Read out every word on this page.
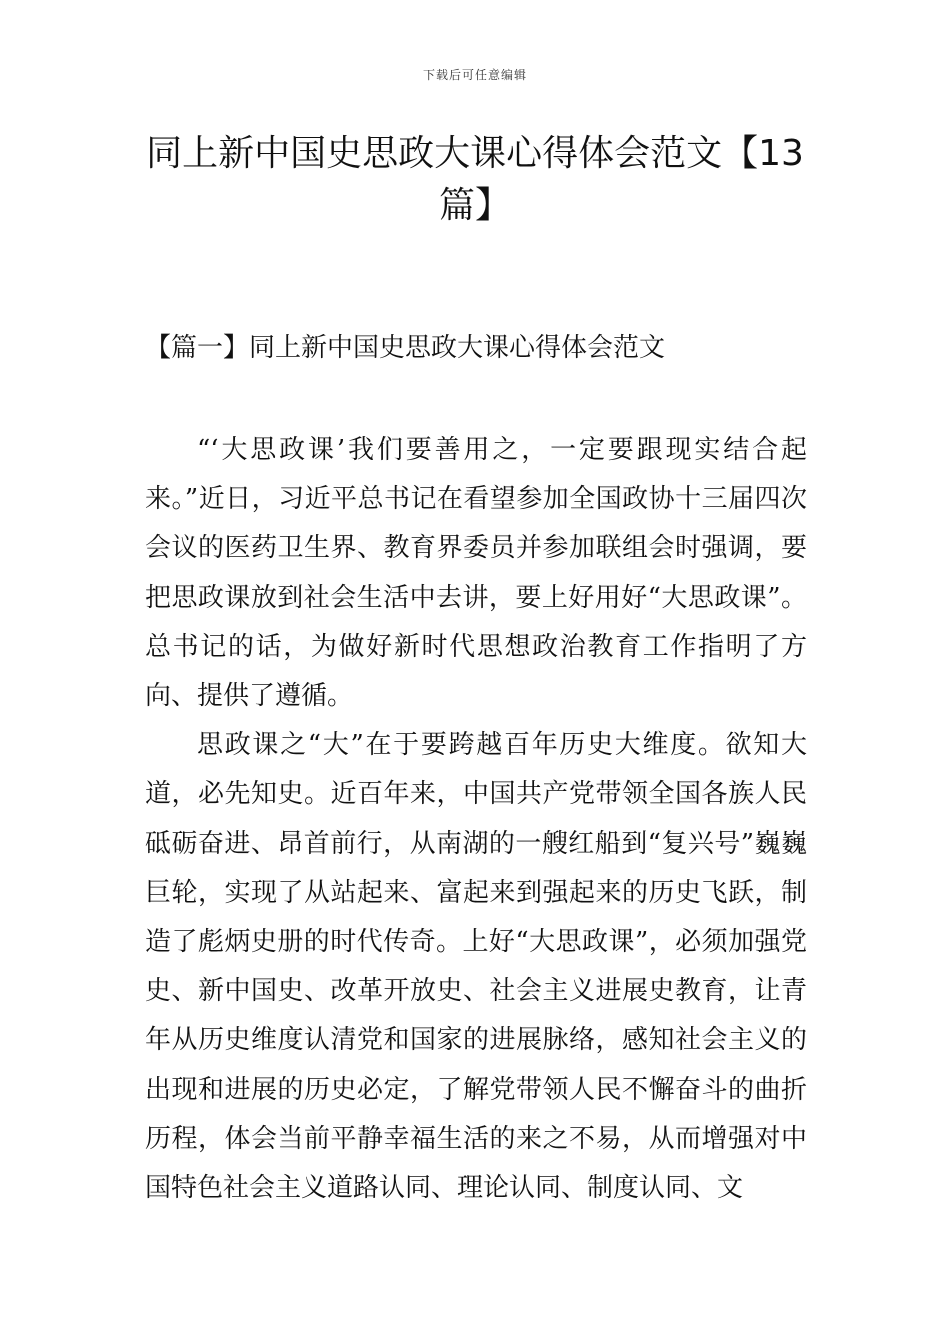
下载后可任意编辑
同上新中国史思政大课心得体会范文【13篇】
【篇一】同上新中国史思政大课心得体会范文

“‘大思政课’我们要善用之，一定要跟现实结合起来。”近日，习近平总书记在看望参加全国政协十三届四次会议的医药卫生界、教育界委员并参加联组会时强调，要把思政课放到社会生活中去讲，要上好用好“大思政课”。总书记的话，为做好新时代思想政治教育工作指明了方向、提供了遵循。

思政课之“大”在于要跨越百年历史大维度。欲知大道，必先知史。近百年来，中国共产党带领全国各族人民砥砺奋进、昂首前行，从南湖的一艘红船到“复兴号”巍巍巨轮，实现了从站起来、富起来到强起来的历史飞跃，制造了彪炳史册的时代传奇。上好“大思政课”，必须加强党史、新中国史、改革开放史、社会主义进展史教育，让青年从历史维度认清党和国家的进展脉络，感知社会主义的出现和进展的历史必定，了解党带领人民不懈奋斗的曲折历程，体会当前平静幸福生活的来之不易，从而增强对中国特色社会主义道路认同、理论认同、制度认同、文
